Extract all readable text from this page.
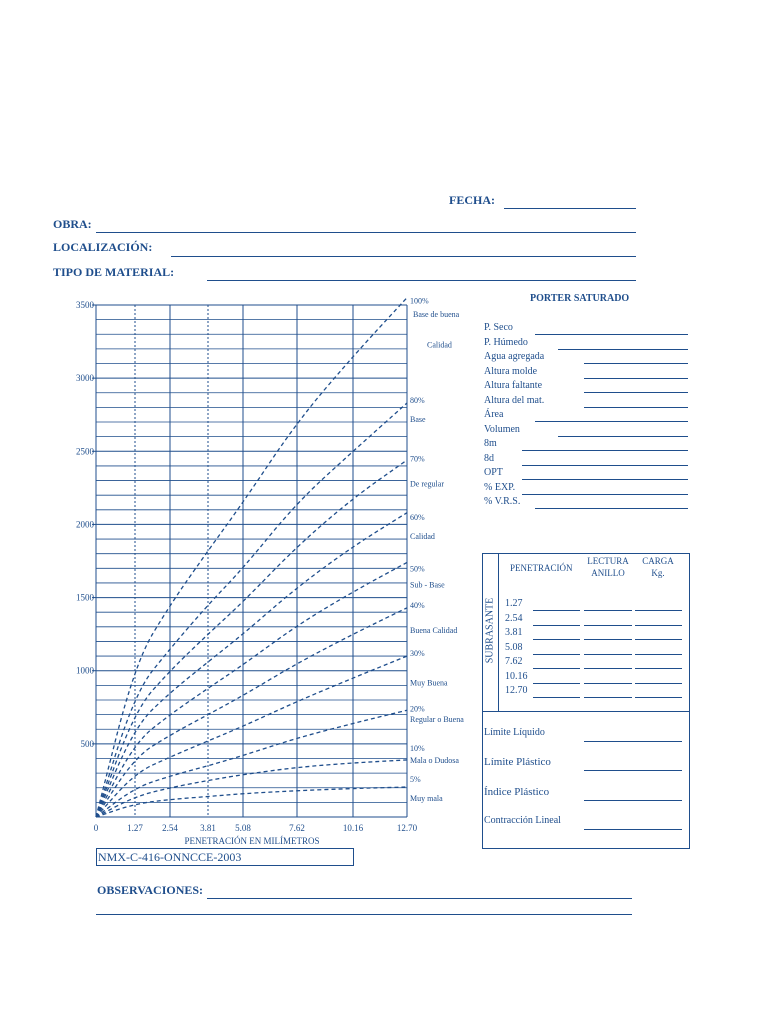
FECHA:
OBRA:
LOCALIZACIÓN:
TIPO DE MATERIAL:
500
1000
1500
2000
2500
3000
3500
0	1.27 2.54 3.81 5.08	7.62	10.16	12.70
100%
80%
70%
60%
50%
40%
30%
20%
10%
5%
Base de buena
Calidad
Base
De regular
Calidad
Sub - Base
Buena Calidad
Muy Buena
Regular o Buena
Mala o Dudosa
Muy mala
PENETRACIÓN EN MILÍMETROS
NMX-C-416-ONNCCE-2003
PORTER SATURADO
P. Seco
P. Húmedo
Agua agregada
Altura molde
Altura faltante
Altura del mat.
Área
Volumen
8m
8d
OPT
% EXP.
% V.R.S.
SUBRASANTE
PENETRACIÓN
LECTURA
ANILLO
CARGA
Kg.
1.27
2.54
3.81
5.08
7.62
10.16
12.70
Límite Líquido
Límite Plástico
Índice Plástico
Contracción Lineal
OBSERVACIONES:
